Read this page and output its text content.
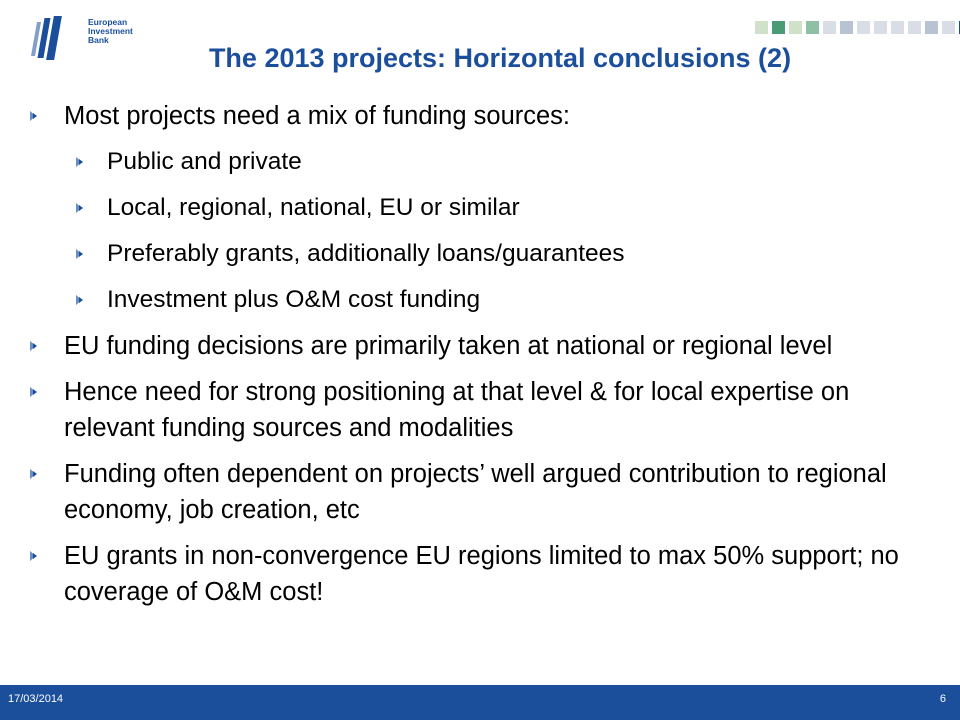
European
Investment
Bank
The 2013 projects: Horizontal conclusions (2)
Most projects need a mix of funding sources:
Public and private
Local, regional, national, EU or similar
Preferably grants, additionally loans/guarantees
Investment plus O&M cost funding
EU funding decisions are primarily taken at national or regional level
Hence need for strong positioning at that level & for local expertise on relevant funding sources and modalities
Funding often dependent on projects’ well argued contribution to regional economy, job creation, etc
EU grants in non-convergence EU regions limited to max 50% support; no coverage of O&M cost!
17/03/2014	6
